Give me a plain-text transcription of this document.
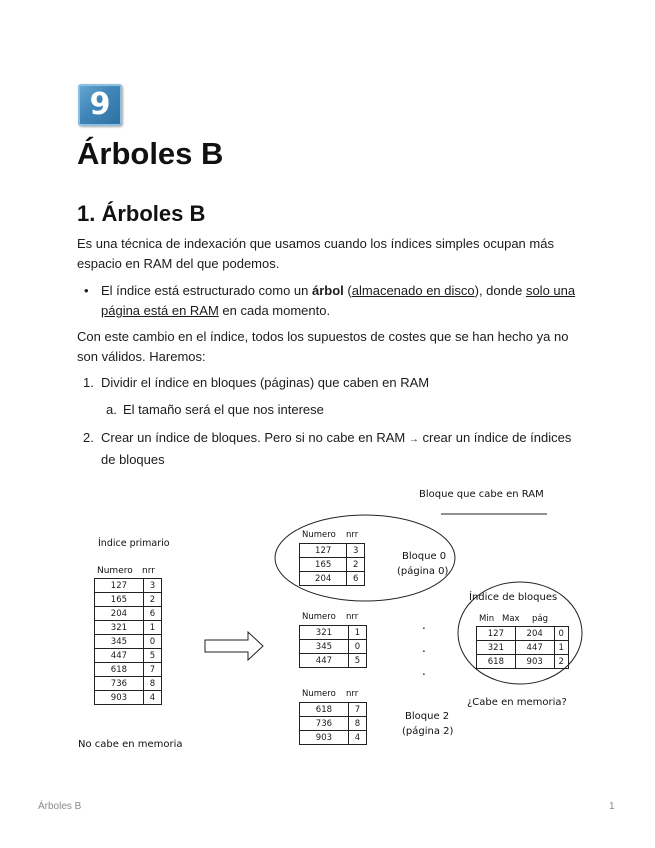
9
Árboles B
1. Árboles B
Es una técnica de indexación que usamos cuando los índices simples ocupan más
espacio en RAM del que podemos.
• El índice está estructurado como un árbol (almacenado en disco), donde solo una
página está en RAM en cada momento.
Con este cambio en el índice, todos los supuestos de costes que se han hecho ya no
son válidos. Haremos:
1. Dividir el índice en bloques (páginas) que caben en RAM
a. El tamaño será el que nos interese
2. Crear un índice de bloques. Pero si no cabe en RAM → crear un índice de índices
de bloques
Bloque que cabe en RAM
Índice primario
Numero nrr
127	3
165	2
204	6
321	1
345	0
447	5
618	7
736	8
903	4
No cabe en memoria
Numero nrr
127	3
165	2
204	6
Bloque 0
(página 0)
Numero nrr
321	1
345	0
447	5
.
.
.
Numero nrr
618	7
736	8
903	4
Bloque 2
(página 2)
Índice de bloques
Min Max pág
127	204	0
321	447	1
618	903	2
¿Cabe en memoria?
Árboles B	1
